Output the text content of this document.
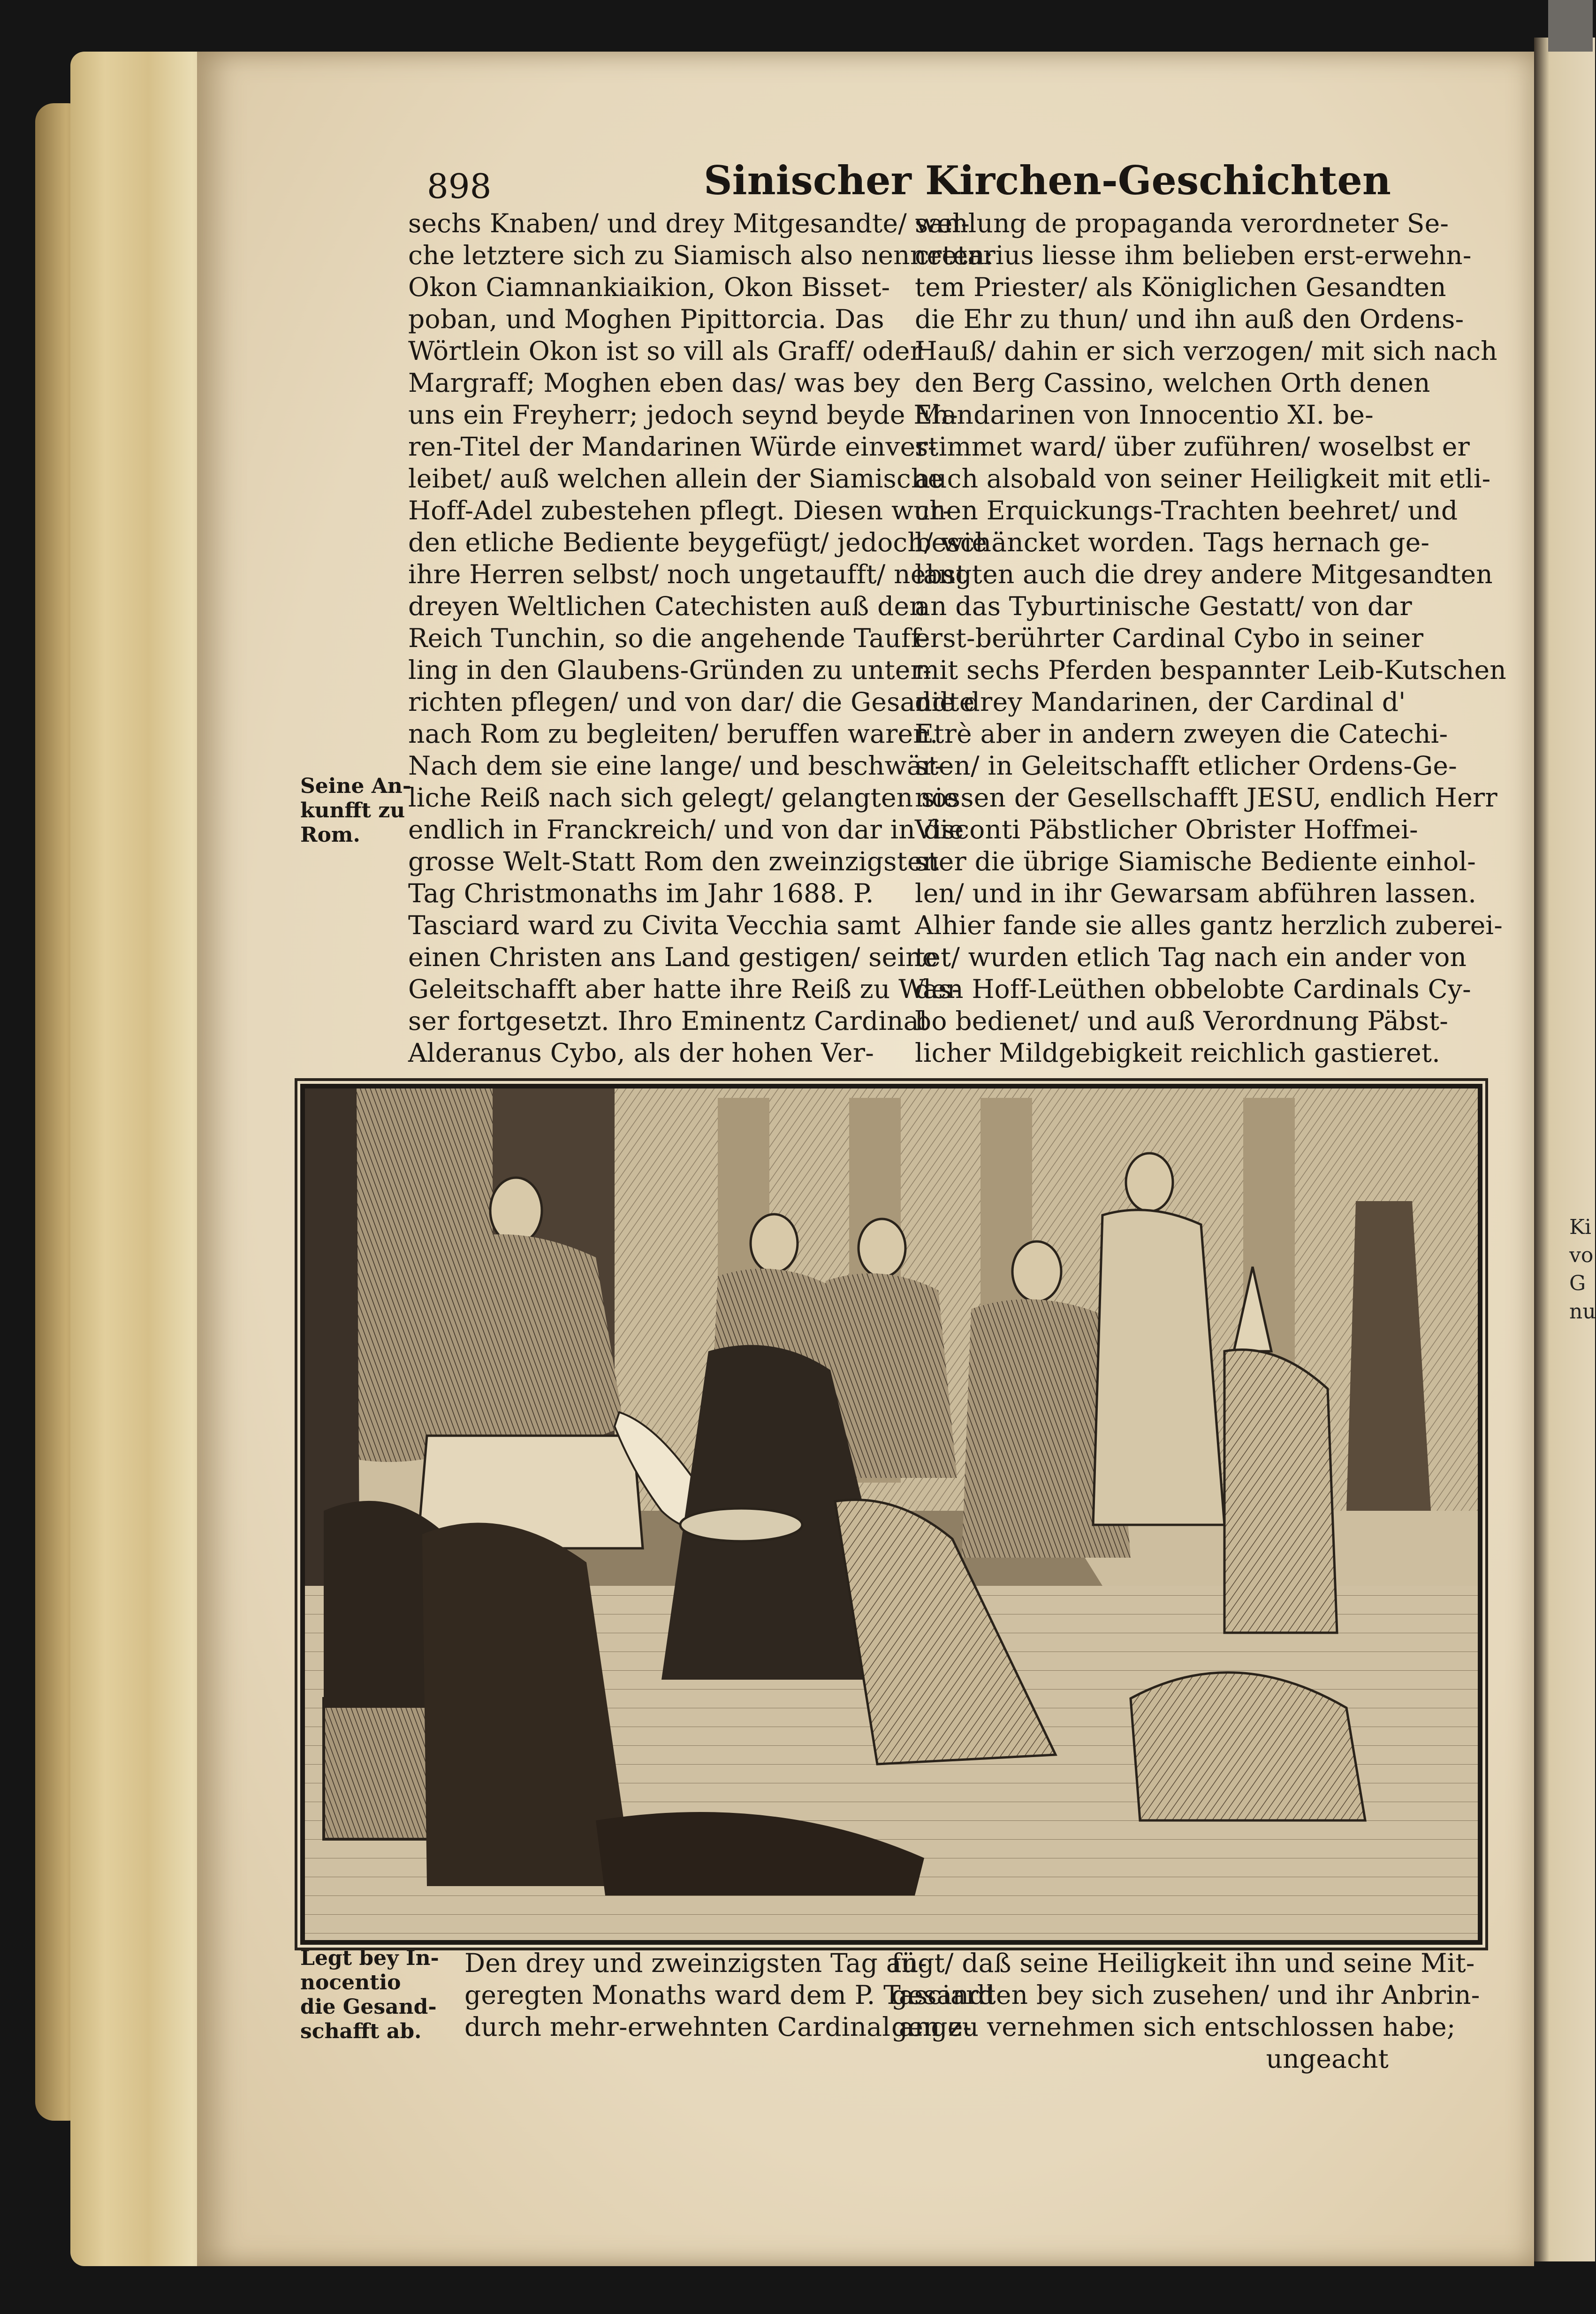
Ki
vo
G
nu
898	Sinischer Kirchen-Geschichten
sechs Knaben/ und drey Mitgesandte/ wel-
che letztere sich zu Siamisch also nenneten:
Okon Ciamnankiaikion, Okon Bisset-
poban, und Moghen Pipittorcia. Das
Wörtlein Okon ist so vill als Graff/ oder
Margraff; Moghen eben das/ was bey
uns ein Freyherr; jedoch seynd beyde Eh-
ren-Titel der Mandarinen Würde einver-
leibet/ auß welchen allein der Siamische
Hoff-Adel zubestehen pflegt. Diesen wur-
den etliche Bediente beygefügt/ jedoch/ wie
ihre Herren selbst/ noch ungetaufft/ nebst
dreyen Weltlichen Catechisten auß den
Reich Tunchin, so die angehende Tauff-
ling in den Glaubens-Gründen zu unter-
richten pflegen/ und von dar/ die Gesandte
nach Rom zu begleiten/ beruffen waren.
Nach dem sie eine lange/ und beschwär-
liche Reiß nach sich gelegt/ gelangten sie
endlich in Franckreich/ und von dar in die
grosse Welt-Statt Rom den zweinzigsten
Tag Christmonaths im Jahr 1688. P.
Tasciard ward zu Civita Vecchia samt
einen Christen ans Land gestigen/ seine
Geleitschafft aber hatte ihre Reiß zu Was-
ser fortgesetzt. Ihro Eminentz Cardinal
Alderanus Cybo, als der hohen Ver-
samlung de propaganda verordneter Se-
cretarius liesse ihm belieben erst-erwehn-
tem Priester/ als Königlichen Gesandten
die Ehr zu thun/ und ihn auß den Ordens-
Hauß/ dahin er sich verzogen/ mit sich nach
den Berg Cassino, welchen Orth denen
Mandarinen von Innocentio XI. be-
stimmet ward/ über zuführen/ woselbst er
auch alsobald von seiner Heiligkeit mit etli-
chen Erquickungs-Trachten beehret/ und
beschäncket worden. Tags hernach ge-
langten auch die drey andere Mitgesandten
an das Tyburtinische Gestatt/ von dar
erst-berührter Cardinal Cybo in seiner
mit sechs Pferden bespannter Leib-Kutschen
die drey Mandarinen, der Cardinal d'
Etrè aber in andern zweyen die Catechi-
sten/ in Geleitschafft etlicher Ordens-Ge-
nossen der Gesellschafft JESU, endlich Herr
Visconti Päbstlicher Obrister Hoffmei-
ster die übrige Siamische Bediente einhol-
len/ und in ihr Gewarsam abführen lassen.
Alhier fande sie alles gantz herzlich zuberei-
tet/ wurden etlich Tag nach ein ander von
den Hoff-Leüthen obbelobte Cardinals Cy-
bo bedienet/ und auß Verordnung Päbst-
licher Mildgebigkeit reichlich gastieret.
Seine An-
kunfft zu
Rom.
Legt bey In-
nocentio
die Gesand-
schafft ab.
Den drey und zweinzigsten Tag an-
geregten Monaths ward dem P. Tasciard
durch mehr-erwehnten Cardinal ange-
fügt/ daß seine Heiligkeit ihn und seine Mit-
gesandten bey sich zusehen/ und ihr Anbrin-
gen zu vernehmen sich entschlossen habe;
ungeacht
